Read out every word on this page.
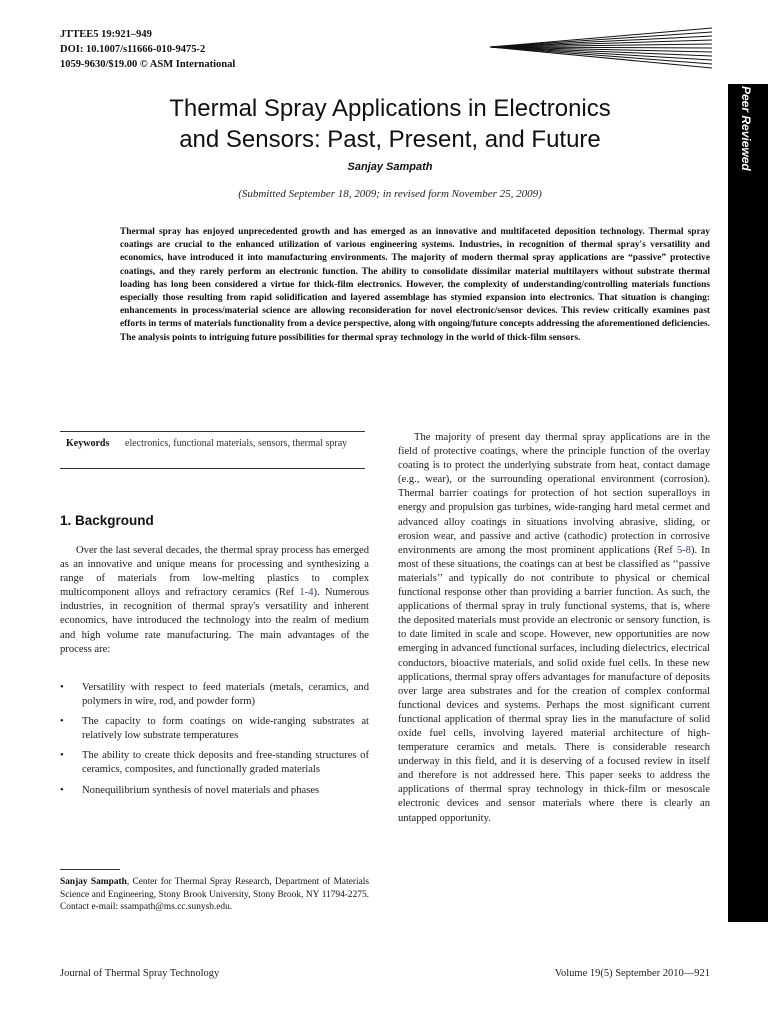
JTTEE5 19:921–949
DOI: 10.1007/s11666-010-9475-2
1059-9630/$19.00 © ASM International
Peer Reviewed
Thermal Spray Applications in Electronics
and Sensors: Past, Present, and Future
Sanjay Sampath
(Submitted September 18, 2009; in revised form November 25, 2009)
Thermal spray has enjoyed unprecedented growth and has emerged as an innovative and multifaceted deposition technology. Thermal spray coatings are crucial to the enhanced utilization of various engineering systems. Industries, in recognition of thermal spray's versatility and economics, have introduced it into manufacturing environments. The majority of modern thermal spray applications are “passive” protective coatings, and they rarely perform an electronic function. The ability to consolidate dissimilar material multilayers without substrate thermal loading has long been considered a virtue for thick-film electronics. However, the complexity of understanding/controlling materials functions especially those resulting from rapid solidification and layered assemblage has stymied expansion into electronics. That situation is changing: enhancements in process/material science are allowing reconsideration for novel electronic/sensor devices. This review critically examines past efforts in terms of materials functionality from a device perspective, along with ongoing/future concepts addressing the aforementioned deficiencies. The analysis points to intriguing future possibilities for thermal spray technology in the world of thick-film sensors.
Keywords electronics, functional materials, sensors, thermal spray
1. Background
Over the last several decades, the thermal spray process has emerged as an innovative and unique means for processing and synthesizing a range of materials from low-melting plastics to complex multicomponent alloys and refractory ceramics (Ref 1-4). Numerous industries, in recognition of thermal spray's versatility and inherent economics, have introduced the technology into the realm of medium and high volume rate manufacturing. The main advantages of the process are:
• Versatility with respect to feed materials (metals, ceramics, and polymers in wire, rod, and powder form)
• The capacity to form coatings on wide-ranging substrates at relatively low substrate temperatures
• The ability to create thick deposits and free-standing structures of ceramics, composites, and functionally graded materials
• Nonequilibrium synthesis of novel materials and phases
Sanjay Sampath, Center for Thermal Spray Research, Department of Materials Science and Engineering, Stony Brook University, Stony Brook, NY 11794-2275. Contact e-mail: ssampath@ms.cc.sunysb.edu.
The majority of present day thermal spray applications are in the field of protective coatings, where the principle function of the overlay coating is to protect the underlying substrate from heat, contact damage (e.g., wear), or the surrounding operational environment (corrosion). Thermal barrier coatings for protection of hot section superalloys in energy and propulsion gas turbines, wide-ranging hard metal cermet and advanced alloy coatings in situations involving abrasive, sliding, or erosion wear, and passive and active (cathodic) protection in corrosive environments are among the most prominent applications (Ref 5-8). In most of these situations, the coatings can at best be classified as ‘‘passive materials’’ and typically do not contribute to physical or chemical functional response other than providing a barrier function. As such, the applications of thermal spray in truly functional systems, that is, where the deposited materials must provide an electronic or sensory function, is to date limited in scale and scope. However, new opportunities are now emerging in advanced functional surfaces, including dielectrics, electrical conductors, bioactive materials, and solid oxide fuel cells. In these new applications, thermal spray offers advantages for manufacture of deposits over large area substrates and for the creation of complex conformal functional devices and systems. Perhaps the most significant current functional application of thermal spray lies in the manufacture of solid oxide fuel cells, involving layered material architecture of high-temperature ceramics and metals. There is considerable research underway in this field, and it is deserving of a focused review in itself and therefore is not addressed here. This paper seeks to address the applications of thermal spray technology in thick-film or mesoscale electronic devices and sensor materials where there is clearly an untapped opportunity.
Journal of Thermal Spray Technology	Volume 19(5) September 2010—921
